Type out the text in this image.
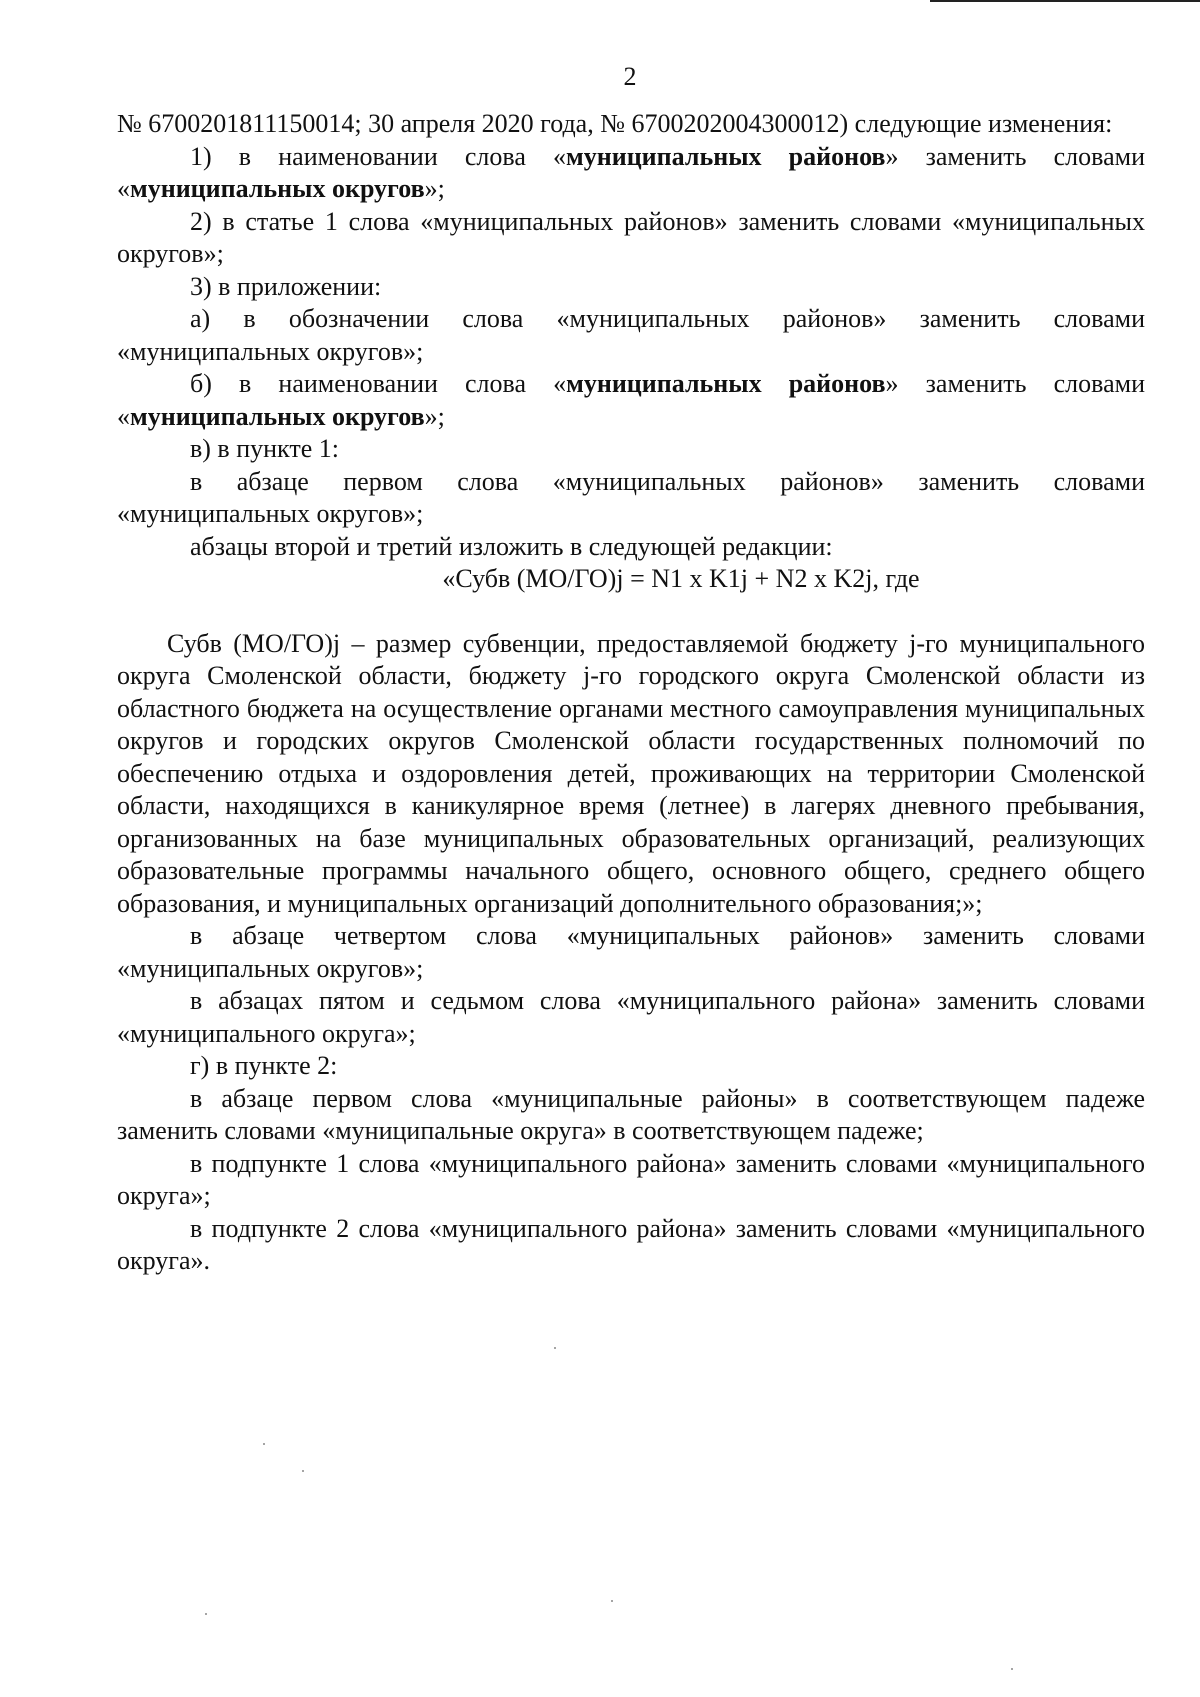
2

№ 6700201811150014; 30 апреля 2020 года, № 6700202004300012) следующие изменения:

1) в наименовании слова «муниципальных районов» заменить словами «муниципальных округов»;

2) в статье 1 слова «муниципальных районов» заменить словами «муниципальных округов»;

3) в приложении:

а) в обозначении слова «муниципальных районов» заменить словами «муниципальных округов»;

б) в наименовании слова «муниципальных районов» заменить словами «муниципальных округов»;

в) в пункте 1:

в абзаце первом слова «муниципальных районов» заменить словами «муниципальных округов»;

абзацы второй и третий изложить в следующей редакции:

«Субв (МО/ГО)j = N1 x K1j + N2 x K2j, где

Субв (МО/ГО)j – размер субвенции, предоставляемой бюджету j-го муниципального округа Смоленской области, бюджету j-го городского округа Смоленской области из областного бюджета на осуществление органами местного самоуправления муниципальных округов и городских округов Смоленской области государственных полномочий по обеспечению отдыха и оздоровления детей, проживающих на территории Смоленской области, находящихся в каникулярное время (летнее) в лагерях дневного пребывания, организованных на базе муниципальных образовательных организаций, реализующих образовательные программы начального общего, основного общего, среднего общего образования, и муниципальных организаций дополнительного образования;»;

в абзаце четвертом слова «муниципальных районов» заменить словами «муниципальных округов»;

в абзацах пятом и седьмом слова «муниципального района» заменить словами «муниципального округа»;

г) в пункте 2:

в абзаце первом слова «муниципальные районы» в соответствующем падеже заменить словами «муниципальные округа» в соответствующем падеже;

в подпункте 1 слова «муниципального района» заменить словами «муниципального округа»;

в подпункте 2 слова «муниципального района» заменить словами «муниципального округа».
